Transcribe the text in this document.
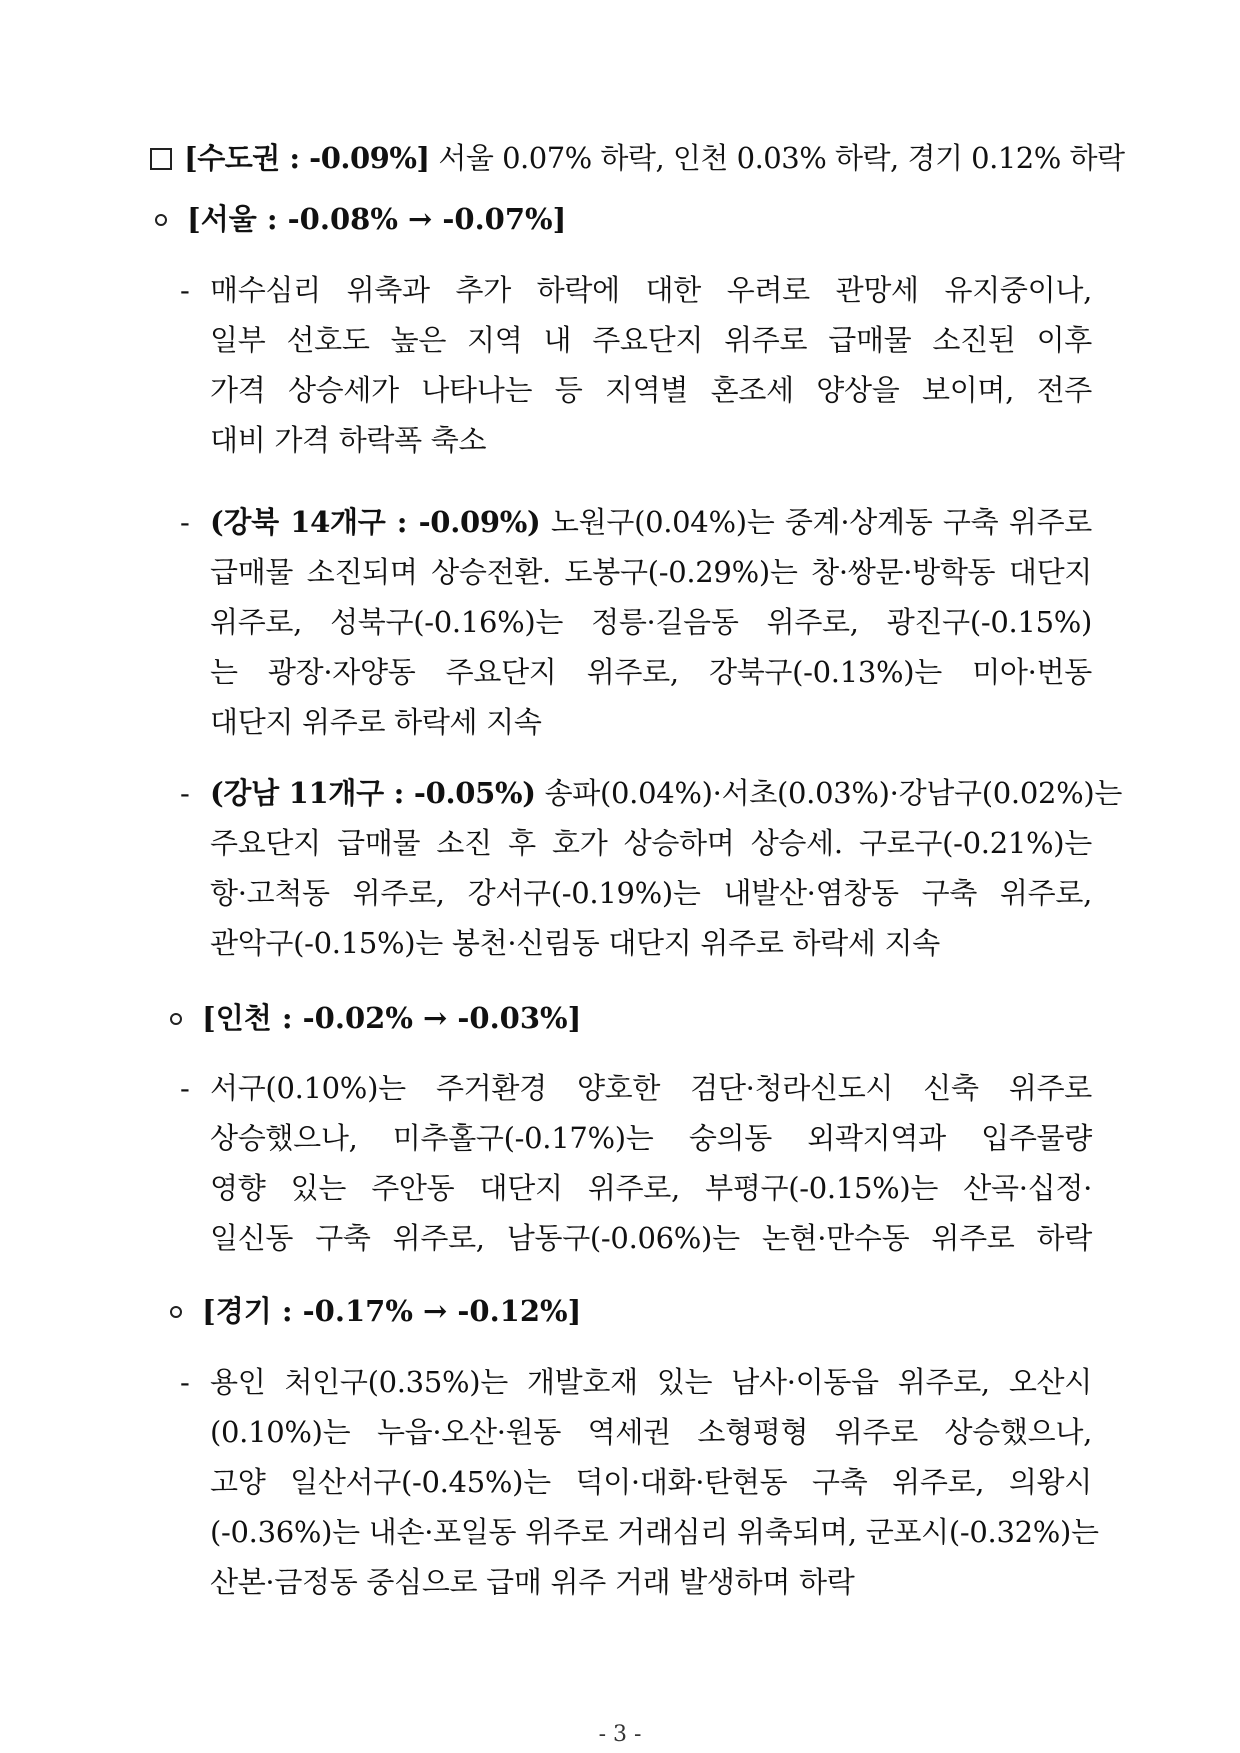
[수도권 : -0.09%] 서울 0.07% 하락, 인천 0.03% 하락, 경기 0.12% 하락
[서울 : -0.08% → -0.07%]
- 매수심리 위축과 추가 하락에 대한 우려로 관망세 유지중이나,
일부 선호도 높은 지역 내 주요단지 위주로 급매물 소진된 이후
가격 상승세가 나타나는 등 지역별 혼조세 양상을 보이며, 전주
대비 가격 하락폭 축소
- (강북 14개구 : -0.09%) 노원구(0.04%)는 중계·상계동 구축 위주로
급매물 소진되며 상승전환. 도봉구(-0.29%)는 창·쌍문·방학동 대단지
위주로, 성북구(-0.16%)는 정릉·길음동 위주로, 광진구(-0.15%)
는 광장·자양동 주요단지 위주로, 강북구(-0.13%)는 미아·번동
대단지 위주로 하락세 지속
- (강남 11개구 : -0.05%) 송파(0.04%)·서초(0.03%)·강남구(0.02%)는
주요단지 급매물 소진 후 호가 상승하며 상승세. 구로구(-0.21%)는
항·고척동 위주로, 강서구(-0.19%)는 내발산·염창동 구축 위주로,
관악구(-0.15%)는 봉천·신림동 대단지 위주로 하락세 지속
[인천 : -0.02% → -0.03%]
- 서구(0.10%)는 주거환경 양호한 검단·청라신도시 신축 위주로
상승했으나, 미추홀구(-0.17%)는 숭의동 외곽지역과 입주물량
영향 있는 주안동 대단지 위주로, 부평구(-0.15%)는 산곡·십정·
일신동 구축 위주로, 남동구(-0.06%)는 논현·만수동 위주로 하락
[경기 : -0.17% → -0.12%]
- 용인 처인구(0.35%)는 개발호재 있는 남사·이동읍 위주로, 오산시
(0.10%)는 누읍·오산·원동 역세권 소형평형 위주로 상승했으나,
고양 일산서구(-0.45%)는 덕이·대화·탄현동 구축 위주로, 의왕시
(-0.36%)는 내손·포일동 위주로 거래심리 위축되며, 군포시(-0.32%)는
산본·금정동 중심으로 급매 위주 거래 발생하며 하락
- 3 -
